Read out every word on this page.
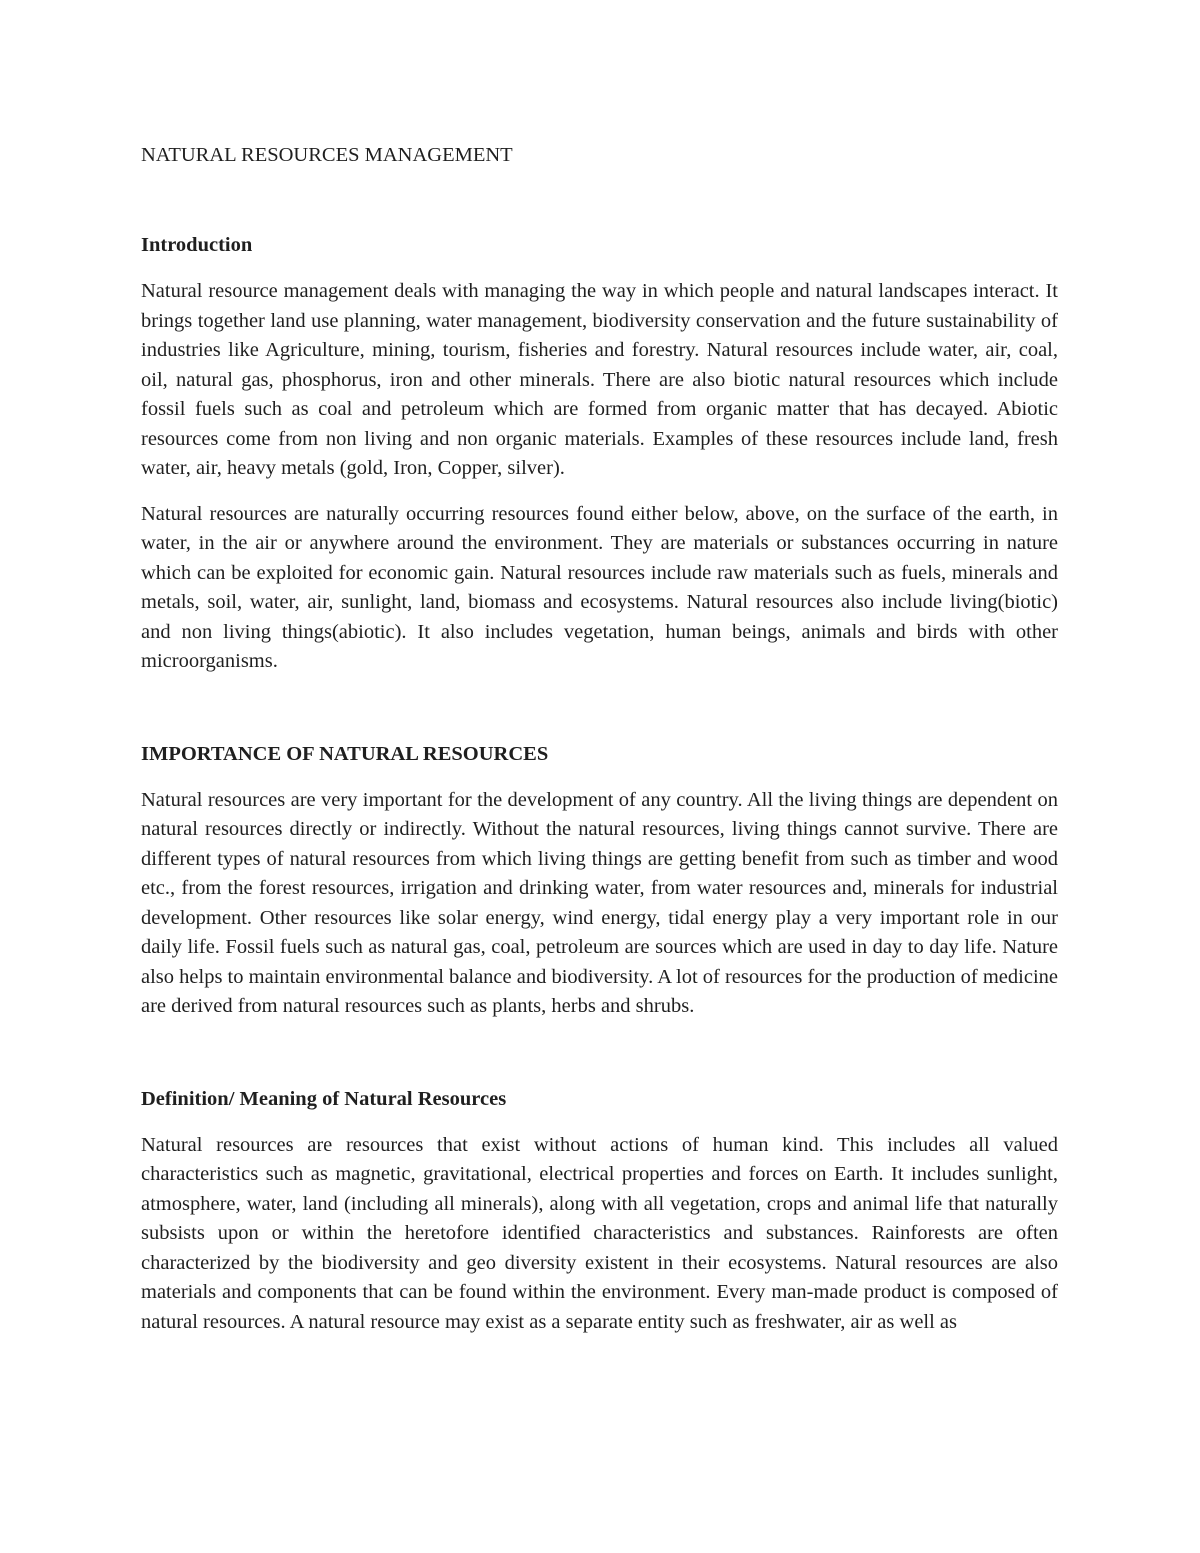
NATURAL RESOURCES MANAGEMENT
Introduction

Natural resource management deals with managing the way in which people and natural landscapes interact. It brings together land use planning, water management, biodiversity conservation and the future sustainability of industries like Agriculture, mining, tourism, fisheries and forestry. Natural resources include water, air, coal, oil, natural gas, phosphorus, iron and other minerals. There are also biotic natural resources which include fossil fuels such as coal and petroleum which are formed from organic matter that has decayed. Abiotic resources come from non living and non organic materials. Examples of these resources include land, fresh water, air, heavy metals (gold, Iron, Copper, silver).

Natural resources are naturally occurring resources found either below, above, on the surface of the earth, in water, in the air or anywhere around the environment. They are materials or substances occurring in nature which can be exploited for economic gain. Natural resources include raw materials such as fuels, minerals and metals, soil, water, air, sunlight, land, biomass and ecosystems. Natural resources also include living(biotic) and non living things(abiotic). It also includes vegetation, human beings, animals and birds with other microorganisms.

IMPORTANCE OF NATURAL RESOURCES

Natural resources are very important for the development of any country. All the living things are dependent on natural resources directly or indirectly. Without the natural resources, living things cannot survive. There are different types of natural resources from which living things are getting benefit from such as timber and wood etc., from the forest resources, irrigation and drinking water, from water resources and, minerals for industrial development. Other resources like solar energy, wind energy, tidal energy play a very important role in our daily life. Fossil fuels such as natural gas, coal, petroleum are sources which are used in day to day life. Nature also helps to maintain environmental balance and biodiversity. A lot of resources for the production of medicine are derived from natural resources such as plants, herbs and shrubs.

Definition/ Meaning of Natural Resources

Natural resources are resources that exist without actions of human kind. This includes all valued characteristics such as magnetic, gravitational, electrical properties and forces on Earth. It includes sunlight, atmosphere, water, land (including all minerals), along with all vegetation, crops and animal life that naturally subsists upon or within the heretofore identified characteristics and substances. Rainforests are often characterized by the biodiversity and geo diversity existent in their ecosystems. Natural resources are also materials and components that can be found within the environment. Every man-made product is composed of natural resources. A natural resource may exist as a separate entity such as freshwater, air as well as
